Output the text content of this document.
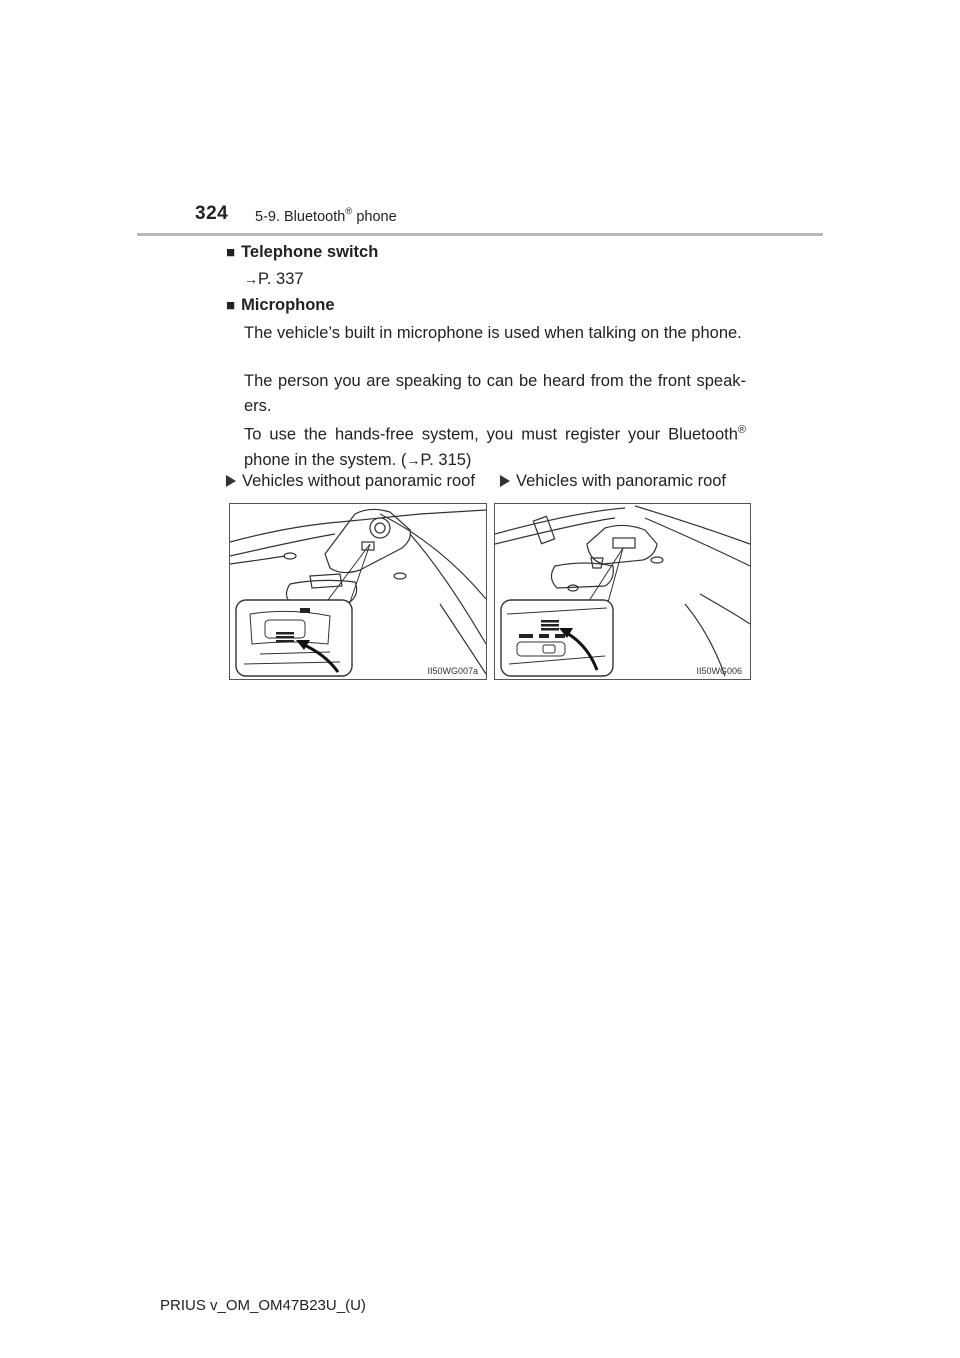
324 5-9. Bluetooth® phone
■ Telephone switch
→P. 337
■ Microphone
The vehicle’s built in microphone is used when talking on the phone.
The person you are speaking to can be heard from the front speak-ers.
To use the hands-free system, you must register your Bluetooth® phone in the system. (→P. 315)
Vehicles without panoramic roof	Vehicles with panoramic roof
II50WG007a	II50WG006
PRIUS v_OM_OM47B23U_(U)
